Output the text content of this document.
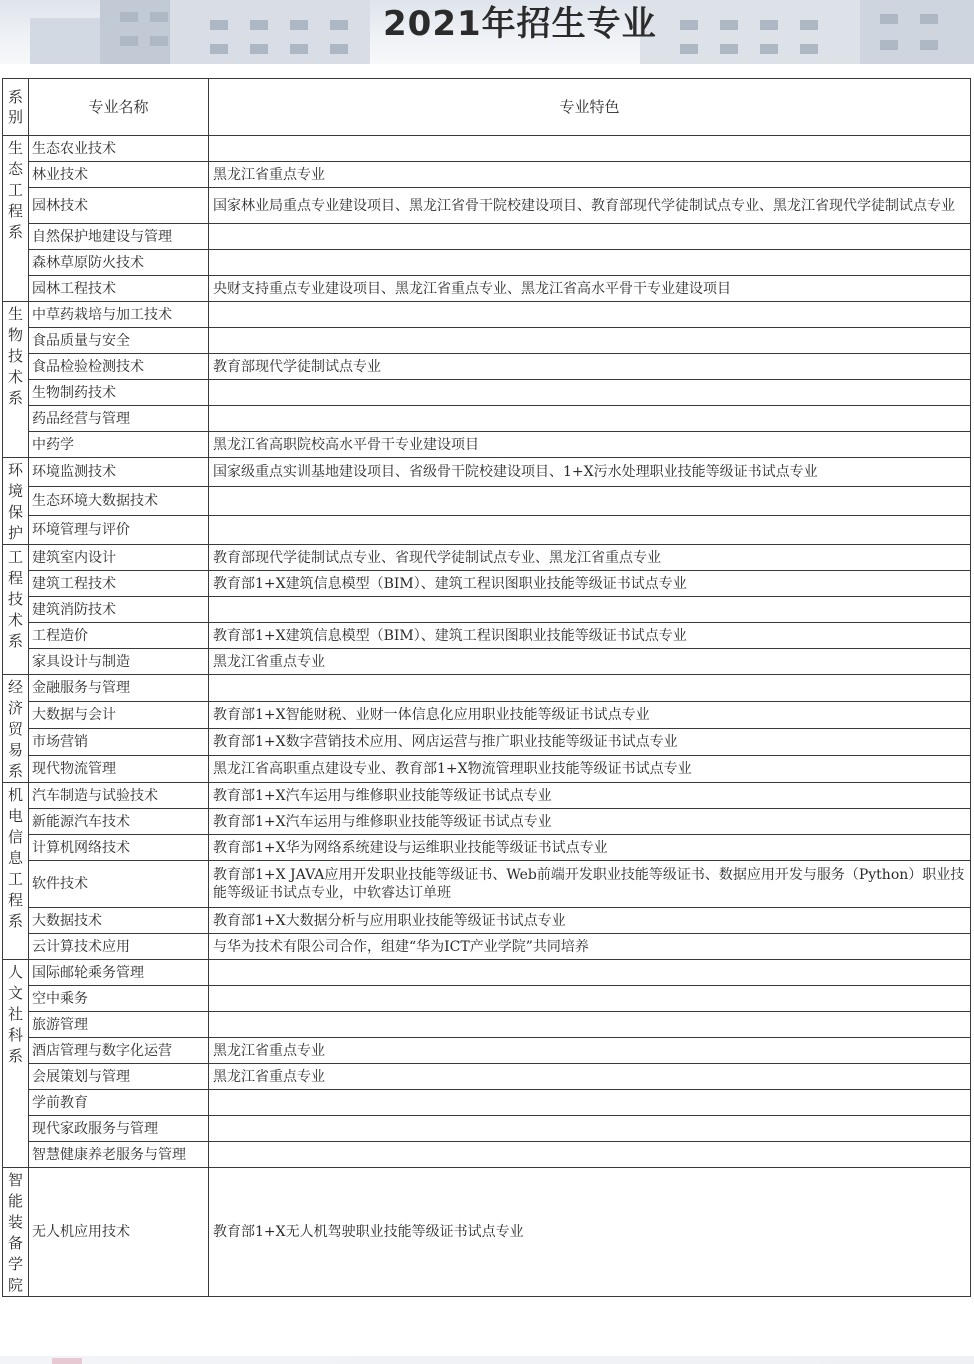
2021年招生专业
系别	专业名称	专业特色

生态工程系	生态农业技术	
	林业技术	黑龙江省重点专业
	园林技术	国家林业局重点专业建设项目、黑龙江省骨干院校建设项目、教育部现代学徒制试点专业、黑龙江省现代学徒制试点专业
	自然保护地建设与管理	
	森林草原防火技术	
	园林工程技术	央财支持重点专业建设项目、黑龙江省重点专业、黑龙江省高水平骨干专业建设项目

生物技术系	中草药栽培与加工技术	
	食品质量与安全	
	食品检验检测技术	教育部现代学徒制试点专业
	生物制药技术	
	药品经营与管理	
	中药学	黑龙江省高职院校高水平骨干专业建设项目

环境保护	环境监测技术	国家级重点实训基地建设项目、省级骨干院校建设项目、1+X污水处理职业技能等级证书试点专业
	生态环境大数据技术	
	环境管理与评价	

工程技术系	建筑室内设计	教育部现代学徒制试点专业、省现代学徒制试点专业、黑龙江省重点专业
	建筑工程技术	教育部1+X建筑信息模型（BIM）、建筑工程识图职业技能等级证书试点专业
	建筑消防技术	
	工程造价	教育部1+X建筑信息模型（BIM）、建筑工程识图职业技能等级证书试点专业
	家具设计与制造	黑龙江省重点专业

经济贸易系	金融服务与管理	
	大数据与会计	教育部1+X智能财税、业财一体信息化应用职业技能等级证书试点专业
	市场营销	教育部1+X数字营销技术应用、网店运营与推广职业技能等级证书试点专业
	现代物流管理	黑龙江省高职重点建设专业、教育部1+X物流管理职业技能等级证书试点专业

机电信息工程系	汽车制造与试验技术	教育部1+X汽车运用与维修职业技能等级证书试点专业
	新能源汽车技术	教育部1+X汽车运用与维修职业技能等级证书试点专业
	计算机网络技术	教育部1+X华为网络系统建设与运维职业技能等级证书试点专业
	软件技术	教育部1+X JAVA应用开发职业技能等级证书、Web前端开发职业技能等级证书、数据应用开发与服务（Python）职业技能等级证书试点专业，中软睿达订单班
	大数据技术	教育部1+X大数据分析与应用职业技能等级证书试点专业
	云计算技术应用	与华为技术有限公司合作，组建“华为ICT产业学院”共同培养

人文社科系	国际邮轮乘务管理	
	空中乘务	
	旅游管理	
	酒店管理与数字化运营	黑龙江省重点专业
	会展策划与管理	黑龙江省重点专业
	学前教育	
	现代家政服务与管理	
	智慧健康养老服务与管理	

智能装备学院	无人机应用技术	教育部1+X无人机驾驶职业技能等级证书试点专业
